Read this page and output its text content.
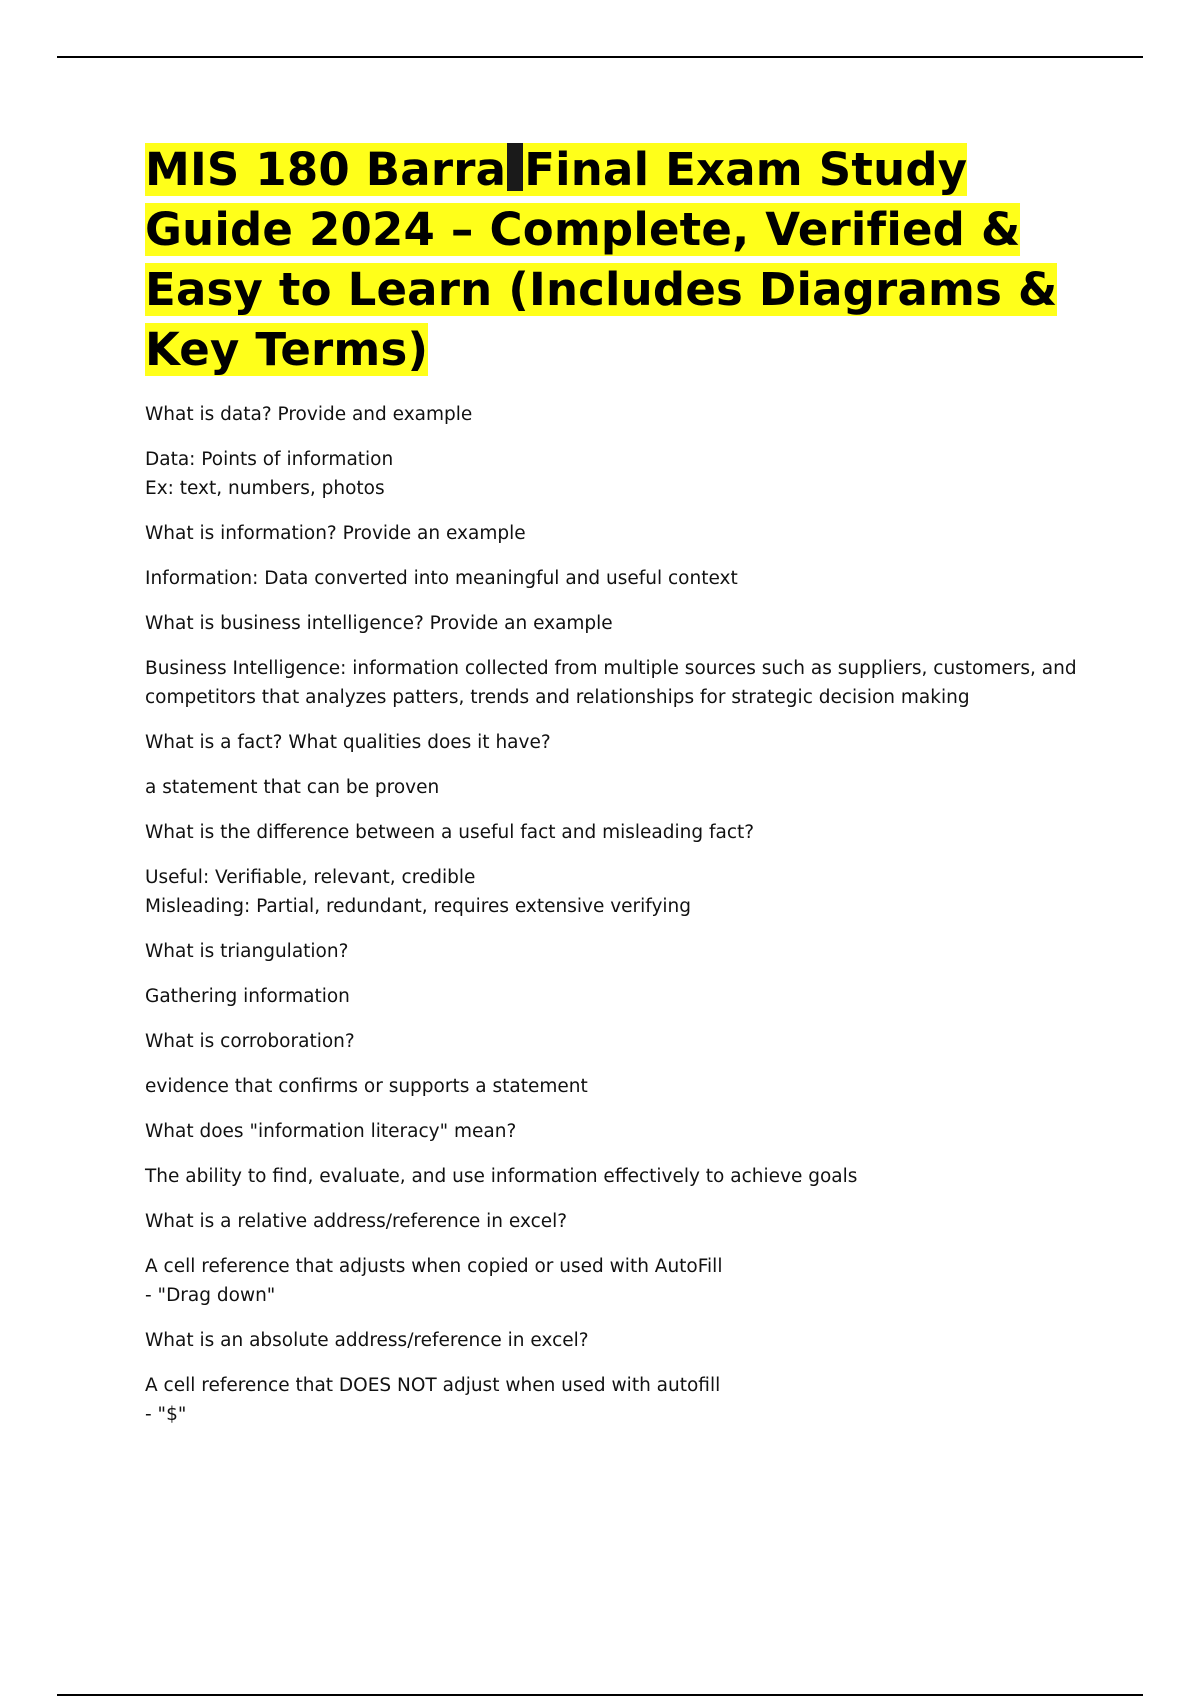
MIS 180 Barra Final Exam Study Guide 2024 – Complete, Verified & Easy to Learn (Includes Diagrams & Key Terms)

What is data? Provide and example

Data: Points of information
Ex: text, numbers, photos

What is information? Provide an example

Information: Data converted into meaningful and useful context

What is business intelligence? Provide an example

Business Intelligence: information collected from multiple sources such as suppliers, customers, and competitors that analyzes patters, trends and relationships for strategic decision making

What is a fact? What qualities does it have?

a statement that can be proven

What is the difference between a useful fact and misleading fact?

Useful: Verifiable, relevant, credible
Misleading: Partial, redundant, requires extensive verifying

What is triangulation?

Gathering information

What is corroboration?

evidence that confirms or supports a statement

What does "information literacy" mean?

The ability to find, evaluate, and use information effectively to achieve goals

What is a relative address/reference in excel?

A cell reference that adjusts when copied or used with AutoFill
- "Drag down"

What is an absolute address/reference in excel?

A cell reference that DOES NOT adjust when used with autofill
- "$"
